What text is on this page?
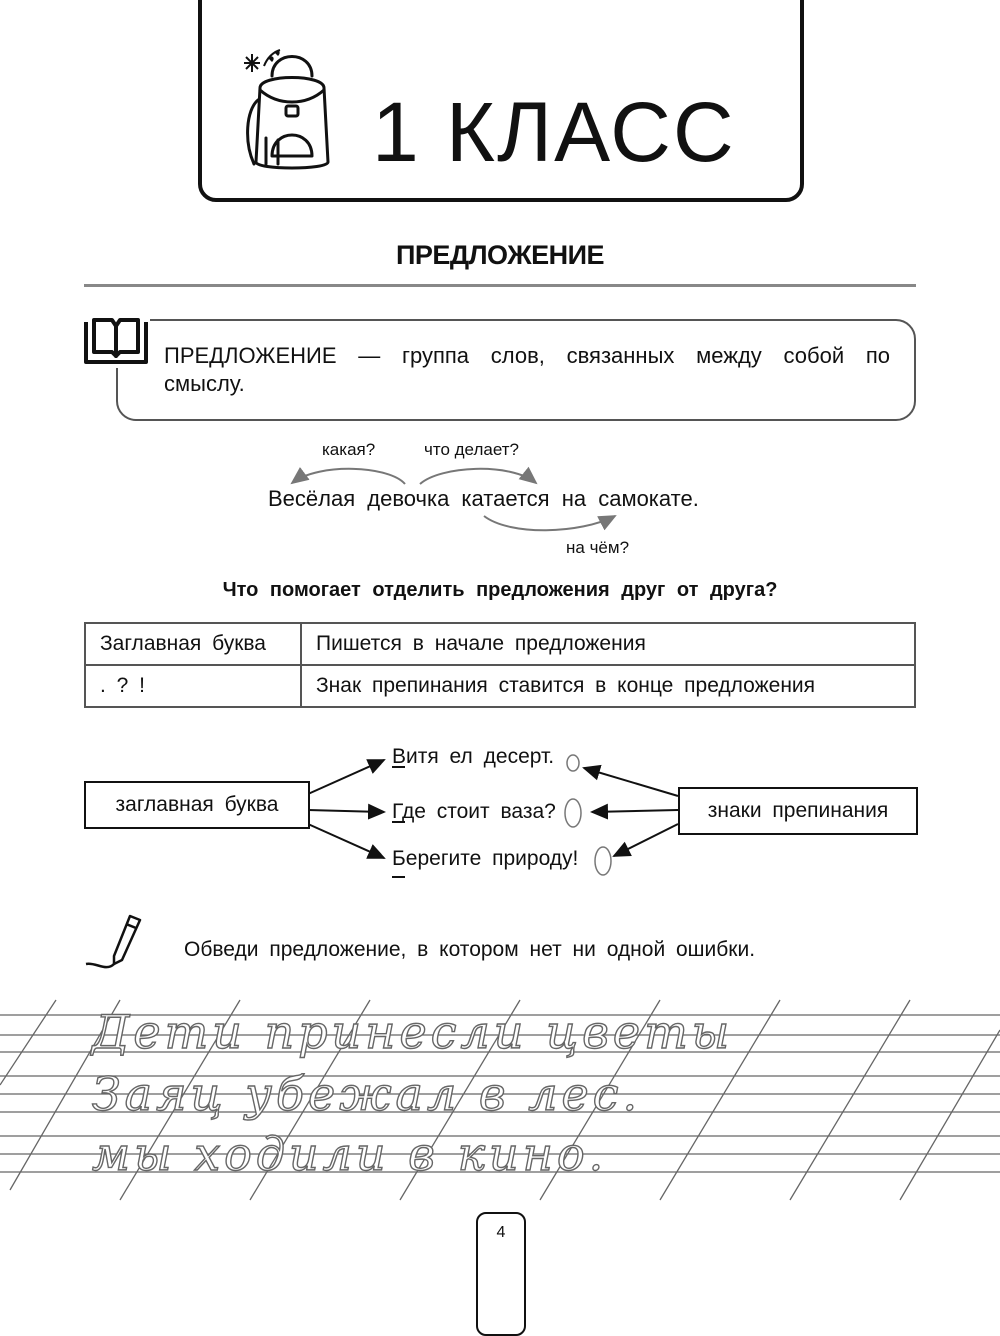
1 КЛАСС
ПРЕДЛОЖЕНИЕ
ПРЕДЛОЖЕНИЕ — группа слов, связанных между собой по смыслу.
какая?	что делает?
Весёлая девочка катается на самокате.
на чём?
Что помогает отделить предложения друг от друга?
Заглавная буква	Пишется в начале предложения
. ? !	Знак препинания ставится в конце предложения
заглавная буква	знаки препинания
Витя ел десерт.
Где стоит ваза?
Берегите природу!
Обведи предложение, в котором нет ни одной ошибки.
Дети принесли цветы
Заяц убежал в лес.
мы ходили в кино.
4
